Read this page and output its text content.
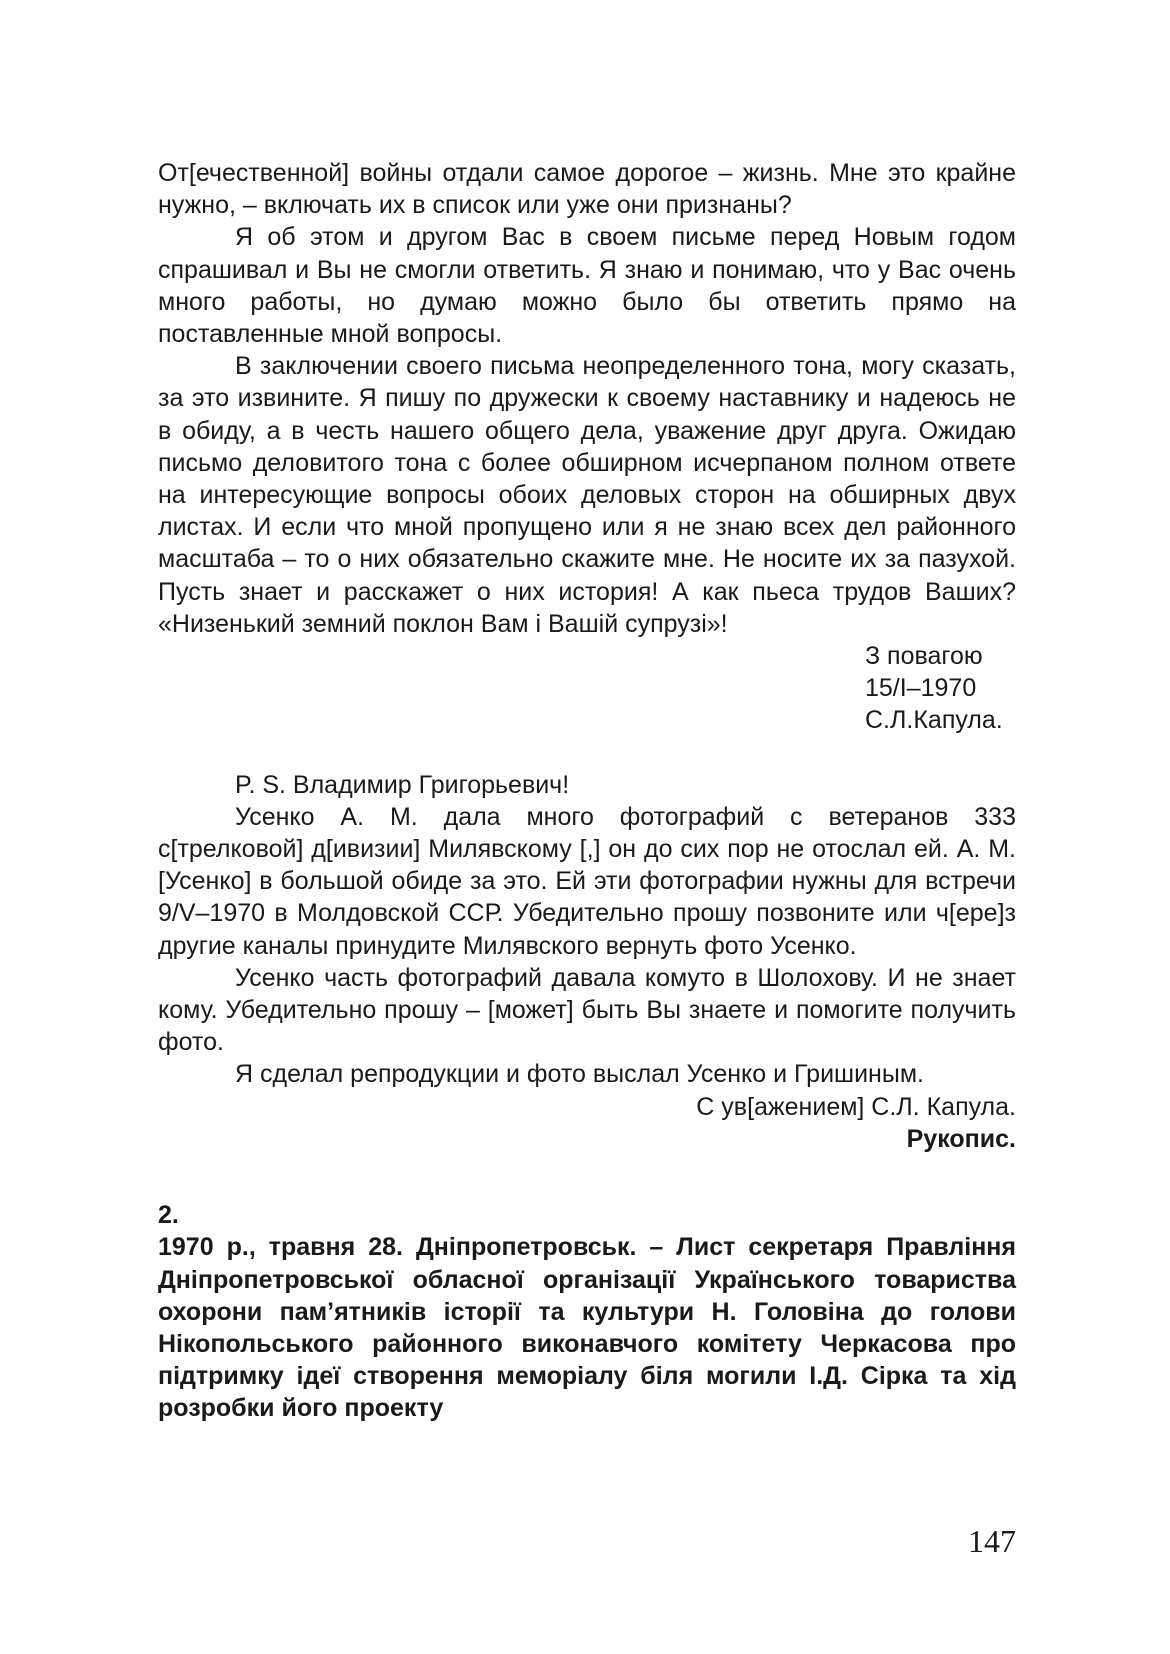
От[ечественной] войны отдали самое дорогое – жизнь. Мне это крайне нужно, – включать их в список или уже они признаны?

Я об этом и другом Вас в своем письме перед Новым годом спрашивал и Вы не смогли ответить. Я знаю и понимаю, что у Вас очень много работы, но думаю можно было бы ответить прямо на поставленные мной вопросы.

В заключении своего письма неопределенного тона, могу сказать, за это извините. Я пишу по дружески к своему наставнику и надеюсь не в обиду, а в честь нашего общего дела, уважение друг друга. Ожидаю письмо деловитого тона с более обширном исчерпаном полном ответе на интересующие вопросы обоих деловых сторон на обширных двух листах. И если что мной пропущено или я не знаю всех дел районного масштаба – то о них обязательно скажите мне. Не носите их за пазухой. Пусть знает и расскажет о них история! А как пьеса трудов Ваших? «Низенький земний поклон Вам і Вашій супрузі»!

З повагою

15/I–1970

С.Л.Капула.

P. S. Владимир Григорьевич!

Усенко А. М. дала много фотографий с ветеранов 333 с[трелковой] д[ивизии] Милявскому [,] он до сих пор не отослал ей. А. М. [Усенко] в большой обиде за это. Ей эти фотографии нужны для встречи 9/V–1970 в Молдовской ССР. Убедительно прошу позвоните или ч[ере]з другие каналы принудите Милявского вернуть фото Усенко.

Усенко часть фотографий давала комуто в Шолохову. И не знает кому. Убедительно прошу – [может] быть Вы знаете и помогите получить фото.

Я сделал репродукции и фото выслал Усенко и Гришиным.

С ув[ажением] С.Л. Капула.

Рукопис.

2.

1970 р., травня 28. Дніпропетровськ. – Лист секретаря Правління Дніпропетровської обласної організації Українського товариства охорони пам’ятників історії та культури Н. Головіна до голови Нікопольського районного виконавчого комітету Черкасова про підтримку ідеї створення меморіалу біля могили І.Д. Сірка та хід розробки його проекту

147
